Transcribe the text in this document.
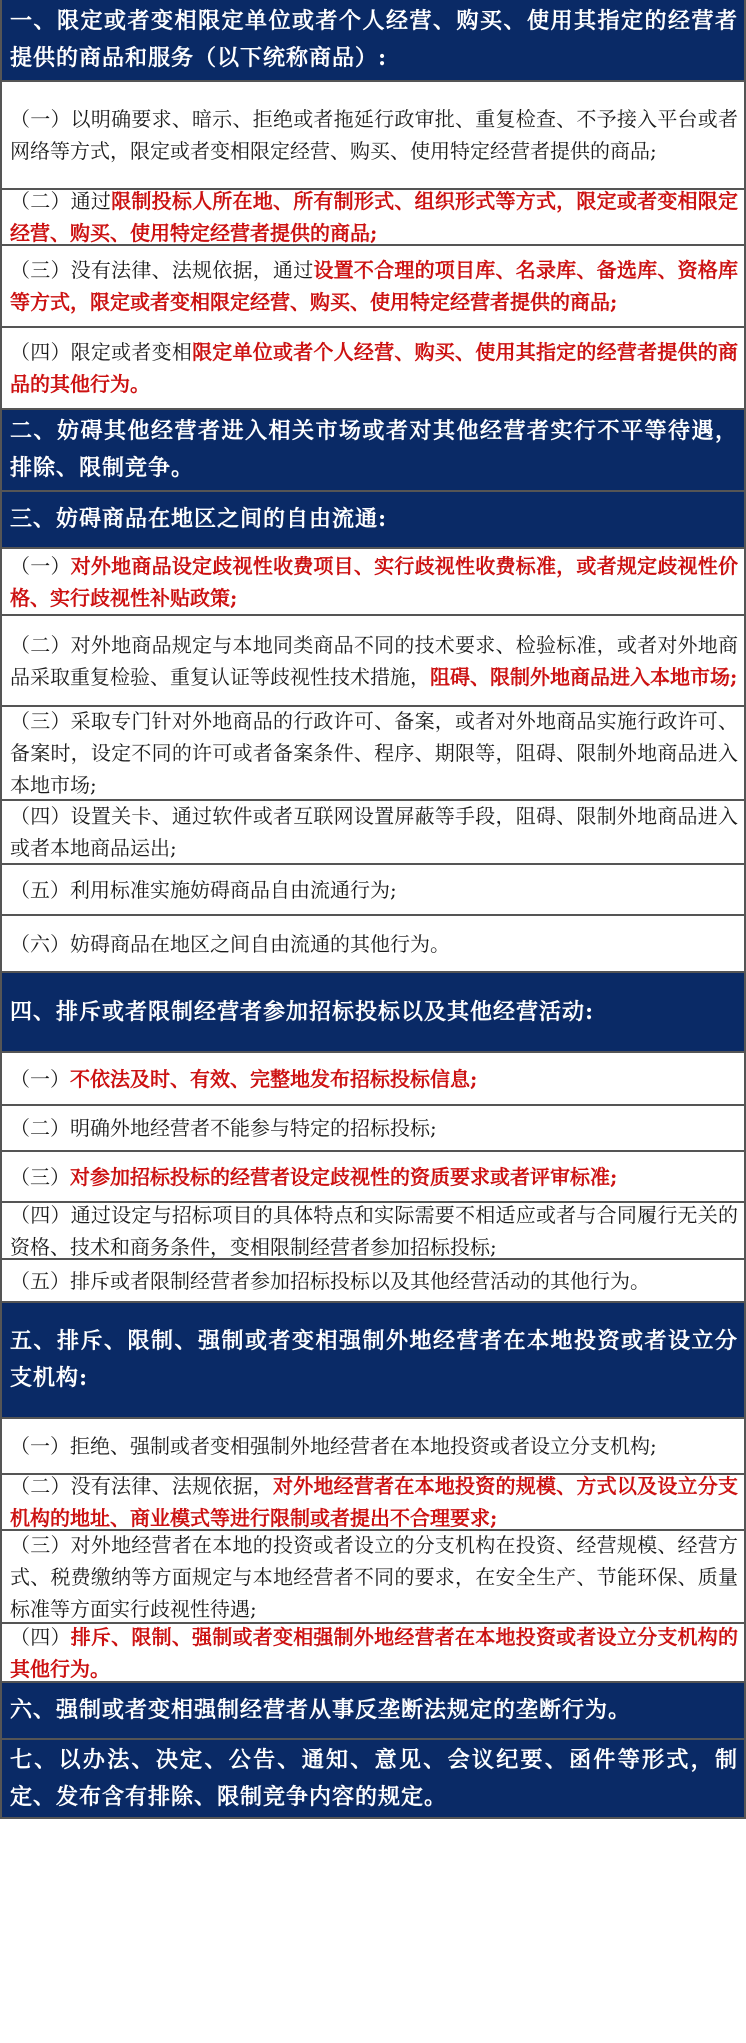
一、限定或者变相限定单位或者个人经营、购买、使用其指定的经营者提供的商品和服务（以下统称商品）:
（一）以明确要求、暗示、拒绝或者拖延行政审批、重复检查、不予接入平台或者网络等方式，限定或者变相限定经营、购买、使用特定经营者提供的商品;
（二）通过限制投标人所在地、所有制形式、组织形式等方式，限定或者变相限定经营、购买、使用特定经营者提供的商品;
（三）没有法律、法规依据，通过设置不合理的项目库、名录库、备选库、资格库等方式，限定或者变相限定经营、购买、使用特定经营者提供的商品;
（四）限定或者变相限定单位或者个人经营、购买、使用其指定的经营者提供的商品的其他行为。
二、妨碍其他经营者进入相关市场或者对其他经营者实行不平等待遇，排除、限制竞争。
三、妨碍商品在地区之间的自由流通:
（一）对外地商品设定歧视性收费项目、实行歧视性收费标准，或者规定歧视性价格、实行歧视性补贴政策;
（二）对外地商品规定与本地同类商品不同的技术要求、检验标准，或者对外地商品采取重复检验、重复认证等歧视性技术措施，阻碍、限制外地商品进入本地市场;
（三）采取专门针对外地商品的行政许可、备案，或者对外地商品实施行政许可、备案时，设定不同的许可或者备案条件、程序、期限等，阻碍、限制外地商品进入本地市场;
（四）设置关卡、通过软件或者互联网设置屏蔽等手段，阻碍、限制外地商品进入或者本地商品运出;
（五）利用标准实施妨碍商品自由流通行为;
（六）妨碍商品在地区之间自由流通的其他行为。
四、排斥或者限制经营者参加招标投标以及其他经营活动:
（一）不依法及时、有效、完整地发布招标投标信息;
（二）明确外地经营者不能参与特定的招标投标;
（三）对参加招标投标的经营者设定歧视性的资质要求或者评审标准;
（四）通过设定与招标项目的具体特点和实际需要不相适应或者与合同履行无关的资格、技术和商务条件，变相限制经营者参加招标投标;
（五）排斥或者限制经营者参加招标投标以及其他经营活动的其他行为。
五、排斥、限制、强制或者变相强制外地经营者在本地投资或者设立分支机构:
（一）拒绝、强制或者变相强制外地经营者在本地投资或者设立分支机构;
（二）没有法律、法规依据，对外地经营者在本地投资的规模、方式以及设立分支机构的地址、商业模式等进行限制或者提出不合理要求;
（三）对外地经营者在本地的投资或者设立的分支机构在投资、经营规模、经营方式、税费缴纳等方面规定与本地经营者不同的要求，在安全生产、节能环保、质量标准等方面实行歧视性待遇;
（四）排斥、限制、强制或者变相强制外地经营者在本地投资或者设立分支机构的其他行为。
六、强制或者变相强制经营者从事反垄断法规定的垄断行为。
七、以办法、决定、公告、通知、意见、会议纪要、函件等形式，制定、发布含有排除、限制竞争内容的规定。
